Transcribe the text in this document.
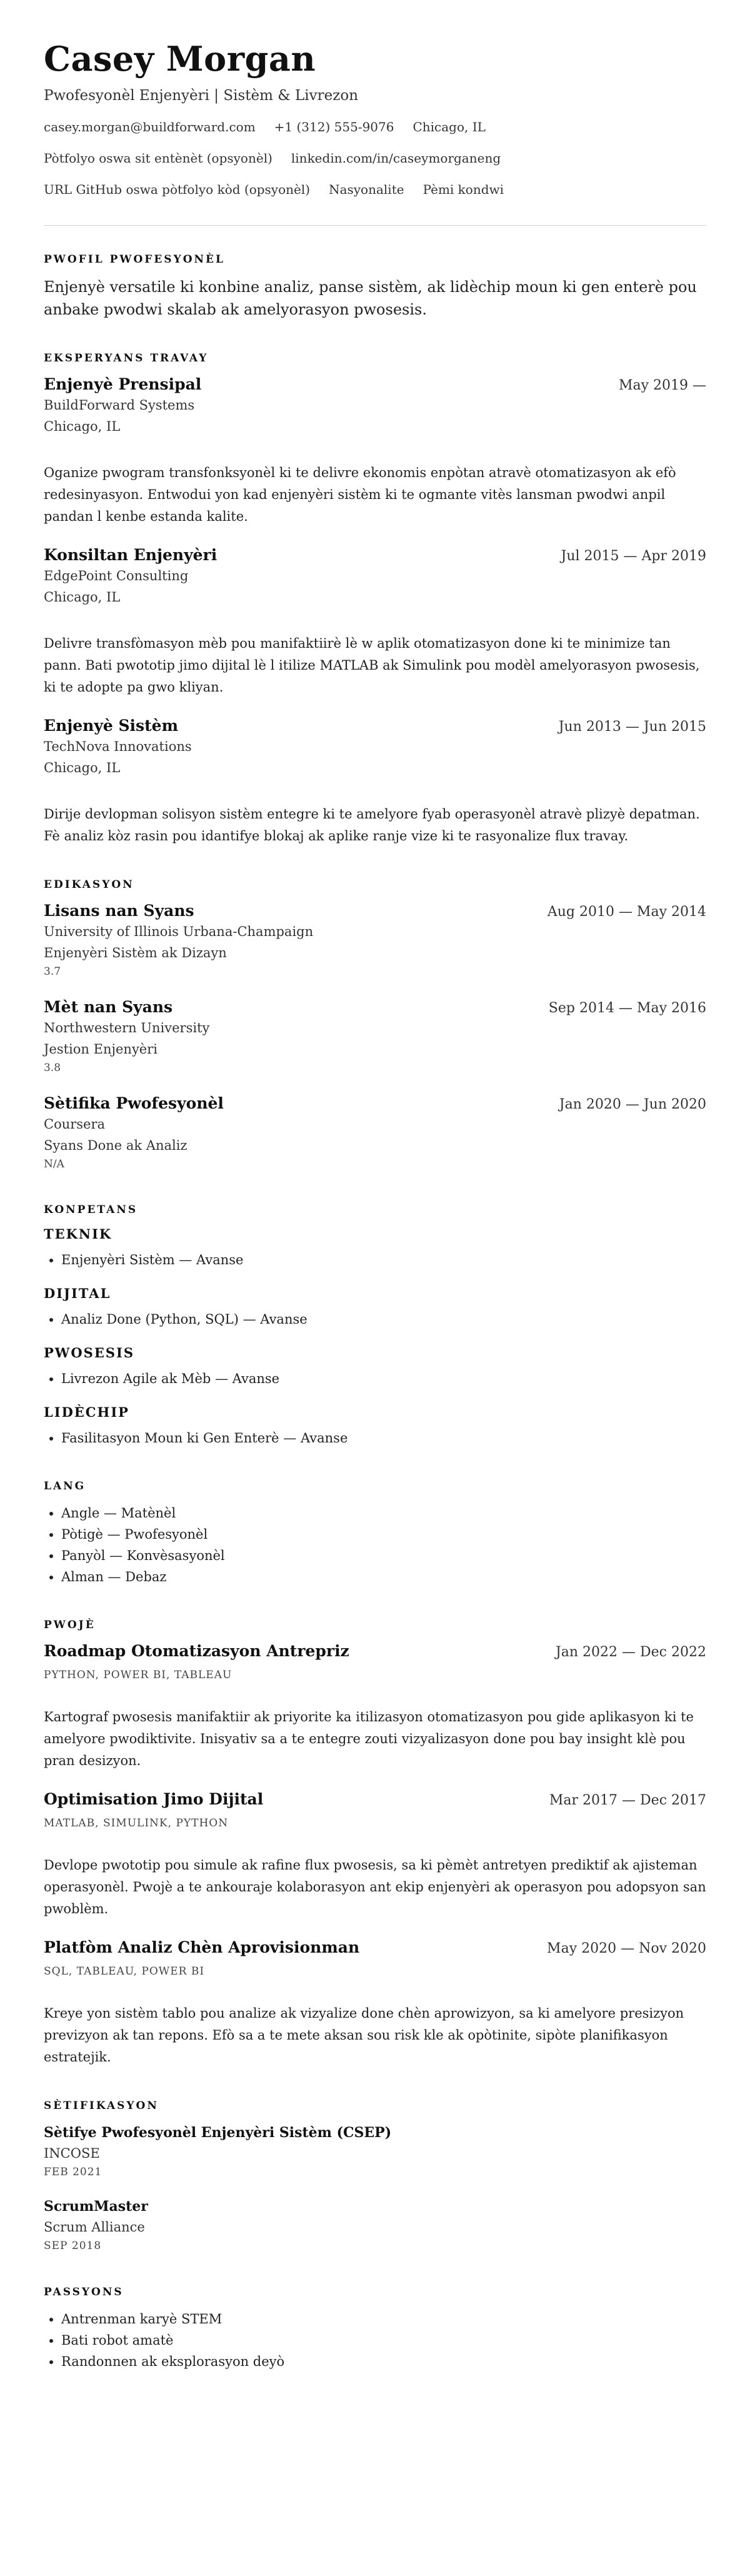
Casey Morgan
Pwofesyonèl Enjenyèri | Sistèm & Livrezon
casey.morgan@buildforward.com +1 (312) 555-9076 Chicago, IL
Pòtfolyo oswa sit entènèt (opsyonèl) linkedin.com/in/caseymorganeng
URL GitHub oswa pòtfolyo kòd (opsyonèl) Nasyonalite Pèmi kondwi
PWOFIL PWOFESYONÈL

Enjenyè versatile ki konbine analiz, panse sistèm, ak lidèchip moun ki gen enterè pou anbake pwodwi skalab ak amelyorasyon pwosesis.

EKSPERYANS TRAVAY
Enjenyè Prensipal	May 2019 —
BuildForward Systems
Chicago, IL
Oganize pwogram transfonksyonèl ki te delivre ekonomis enpòtan atravè otomatizasyon ak efò redesinyasyon. Entwodui yon kad enjenyèri sistèm ki te ogmante vitès lansman pwodwi anpil pandan l kenbe estanda kalite.
Konsiltan Enjenyèri	Jul 2015 — Apr 2019
EdgePoint Consulting
Chicago, IL
Delivre transfòmasyon mèb pou manifaktiirè lè w aplik otomatizasyon done ki te minimize tan pann. Bati pwototip jimo dijital lè l itilize MATLAB ak Simulink pou modèl amelyorasyon pwosesis, ki te adopte pa gwo kliyan.
Enjenyè Sistèm	Jun 2013 — Jun 2015
TechNova Innovations
Chicago, IL
Dirije devlopman solisyon sistèm entegre ki te amelyore fyab operasyonèl atravè plizyè depatman. Fè analiz kòz rasin pou idantifye blokaj ak aplike ranje vize ki te rasyonalize flux travay.
EDIKASYON
Lisans nan Syans	Aug 2010 — May 2014
University of Illinois Urbana-Champaign
Enjenyèri Sistèm ak Dizayn
3.7
Mèt nan Syans	Sep 2014 — May 2016
Northwestern University
Jestion Enjenyèri
3.8
Sètifika Pwofesyonèl	Jan 2020 — Jun 2020
Coursera
Syans Done ak Analiz
N/A
KONPETANS
TEKNIK
• Enjenyèri Sistèm — Avanse
DIJITAL
• Analiz Done (Python, SQL) — Avanse
PWOSESIS
• Livrezon Agile ak Mèb — Avanse
LIDÈCHIP
• Fasilitasyon Moun ki Gen Enterè — Avanse
LANG
• Angle — Matènèl
• Pòtigè — Pwofesyonèl
• Panyòl — Konvèsasyonèl
• Alman — Debaz
PWOJÈ
Roadmap Otomatizasyon Antrepriz	Jan 2022 — Dec 2022
PYTHON, POWER BI, TABLEAU
Kartograf pwosesis manifaktiir ak priyorite ka itilizasyon otomatizasyon pou gide aplikasyon ki te amelyore pwodiktivite. Inisyativ sa a te entegre zouti vizyalizasyon done pou bay insight klè pou pran desizyon.
Optimisation Jimo Dijital	Mar 2017 — Dec 2017
MATLAB, SIMULINK, PYTHON
Devlope pwototip pou simule ak rafine flux pwosesis, sa ki pèmèt antretyen prediktif ak ajisteman operasyonèl. Pwojè a te ankouraje kolaborasyon ant ekip enjenyèri ak operasyon pou adopsyon san pwoblèm.
Platfòm Analiz Chèn Aprovisionman	May 2020 — Nov 2020
SQL, TABLEAU, POWER BI
Kreye yon sistèm tablo pou analize ak vizyalize done chèn aprowizyon, sa ki amelyore presizyon previzyon ak tan repons. Efò sa a te mete aksan sou risk kle ak opòtinite, sipòte planifikasyon estratejik.
SÈTIFIKASYON
Sètifye Pwofesyonèl Enjenyèri Sistèm (CSEP)
INCOSE
FEB 2021
ScrumMaster
Scrum Alliance
SEP 2018
PASSYONS
• Antrenman karyè STEM
• Bati robot amatè
• Randonnen ak eksplorasyon deyò
